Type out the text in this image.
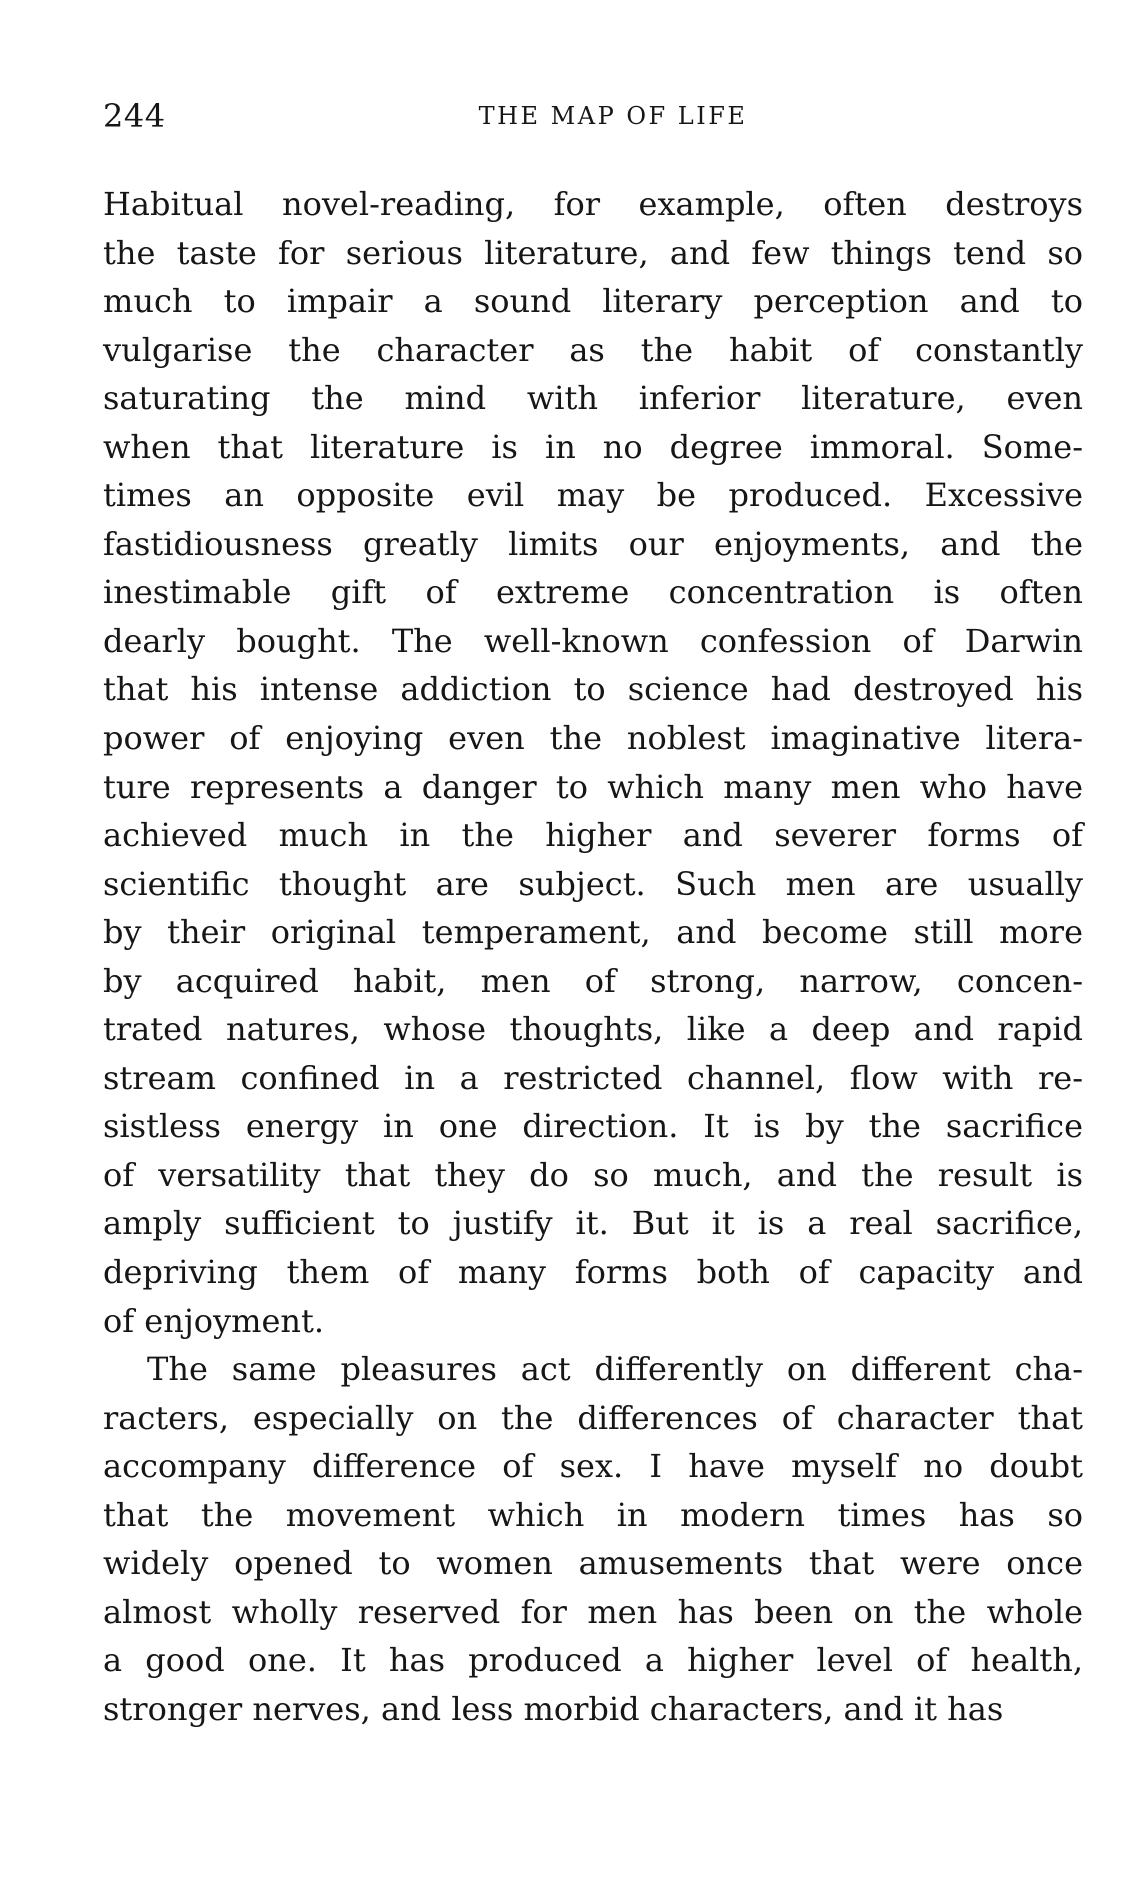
244	THE MAP OF LIFE
Habitual novel-reading, for example, often destroys
the taste for serious literature, and few things tend so
much to impair a sound literary perception and to
vulgarise the character as the habit of constantly
saturating the mind with inferior literature, even
when that literature is in no degree immoral. Some-
times an opposite evil may be produced. Excessive
fastidiousness greatly limits our enjoyments, and the
inestimable gift of extreme concentration is often
dearly bought. The well-known confession of Darwin
that his intense addiction to science had destroyed his
power of enjoying even the noblest imaginative litera-
ture represents a danger to which many men who have
achieved much in the higher and severer forms of
scientific thought are subject. Such men are usually
by their original temperament, and become still more
by acquired habit, men of strong, narrow, concen-
trated natures, whose thoughts, like a deep and rapid
stream confined in a restricted channel, flow with re-
sistless energy in one direction. It is by the sacrifice
of versatility that they do so much, and the result is
amply sufficient to justify it. But it is a real sacrifice,
depriving them of many forms both of capacity and
of enjoyment.
The same pleasures act differently on different cha-
racters, especially on the differences of character that
accompany difference of sex. I have myself no doubt
that the movement which in modern times has so
widely opened to women amusements that were once
almost wholly reserved for men has been on the whole
a good one. It has produced a higher level of health,
stronger nerves, and less morbid characters, and it has
